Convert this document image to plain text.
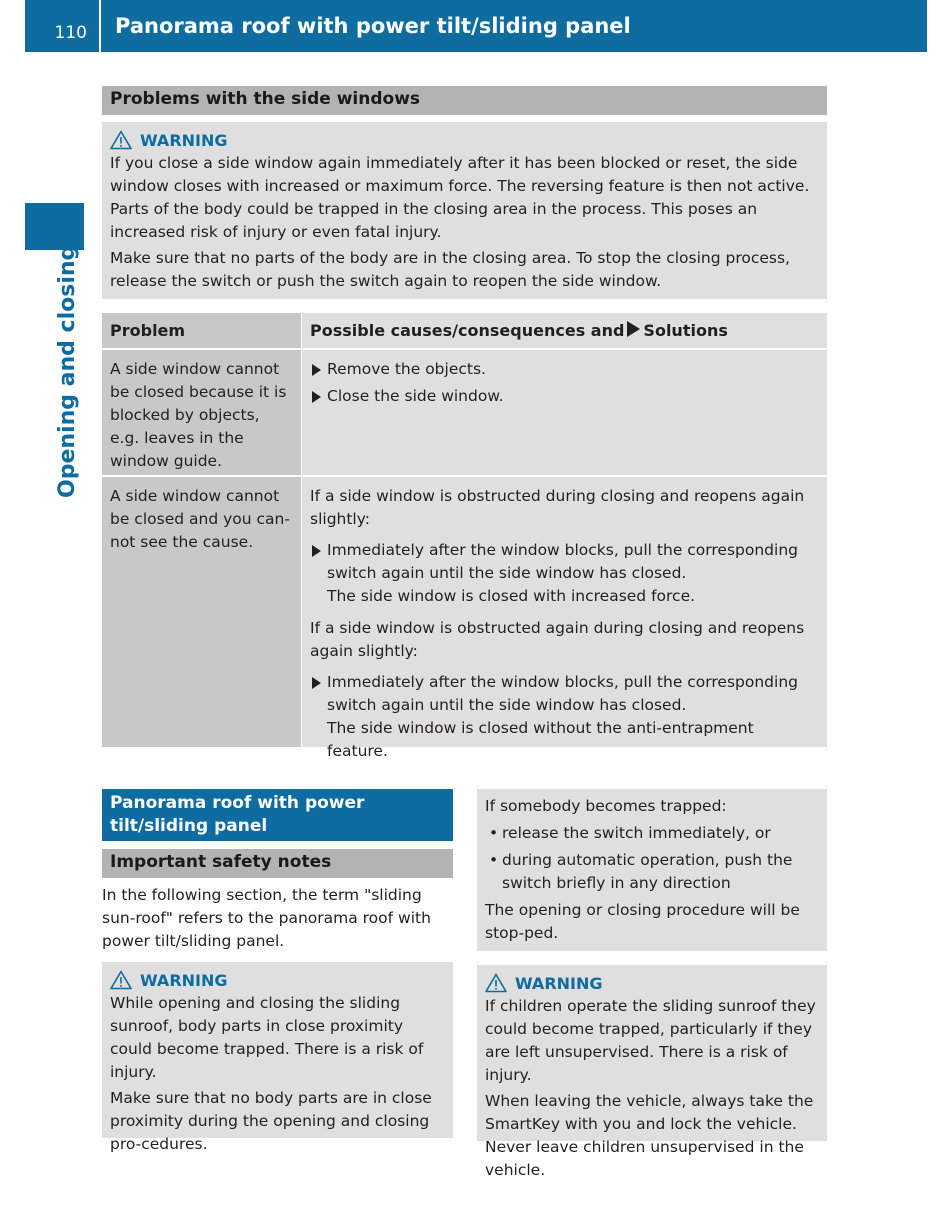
110	Panorama roof with power tilt/sliding panel
Opening and closing
Problems with the side windows
WARNING

If you close a side window again immediately after it has been blocked or reset, the side window closes with increased or maximum force. The reversing feature is then not active. Parts of the body could be trapped in the closing area in the process. This poses an increased risk of injury or even fatal injury.

Make sure that no parts of the body are in the closing area. To stop the closing process, release the switch or push the switch again to reopen the side window.

Problem	Possible causes/consequences and Solutions
A side window cannot be closed because it is blocked by objects, e.g. leaves in the window guide.
Remove the objects.
Close the side window.
A side window cannot be closed and you can-not see the cause.
If a side window is obstructed during closing and reopens again slightly:
Immediately after the window blocks, pull the corresponding switch again until the side window has closed.
The side window is closed with increased force.
If a side window is obstructed again during closing and reopens again slightly:
Immediately after the window blocks, pull the corresponding switch again until the side window has closed.
The side window is closed without the anti-entrapment feature.
Panorama roof with power tilt/sliding panel
Important safety notes
In the following section, the term "sliding sun-roof" refers to the panorama roof with power tilt/sliding panel.
WARNING

While opening and closing the sliding sunroof, body parts in close proximity could become trapped. There is a risk of injury.

Make sure that no body parts are in close proximity during the opening and closing pro-cedures.

If somebody becomes trapped:
• release the switch immediately, or
• during automatic operation, push the switch briefly in any direction
The opening or closing procedure will be stop-ped.
WARNING

If children operate the sliding sunroof they could become trapped, particularly if they are left unsupervised. There is a risk of injury.

When leaving the vehicle, always take the SmartKey with you and lock the vehicle. Never leave children unsupervised in the vehicle.
